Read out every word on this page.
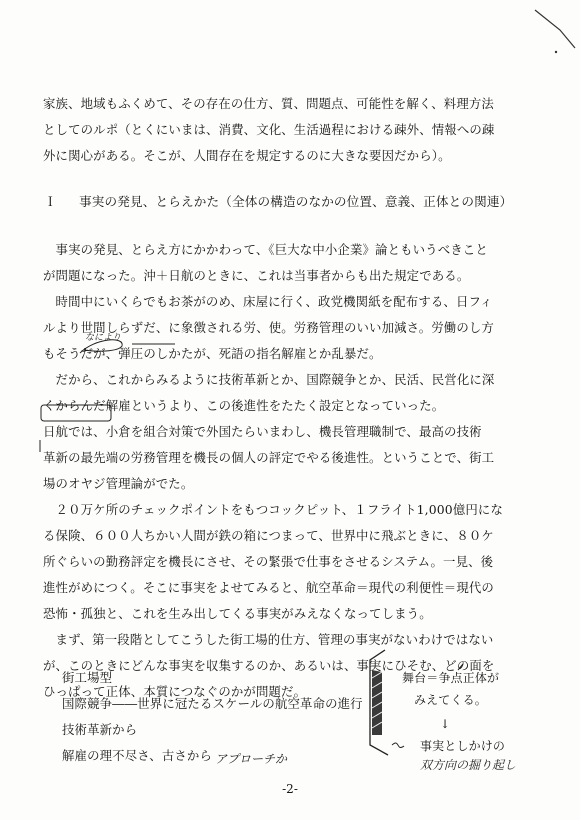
家族、地域もふくめて、その存在の仕方、質、問題点、可能性を解く、料理方法
としてのルポ（とくにいまは、消費、文化、生活過程における疎外、情報への疎
外に関心がある。そこが、人間存在を規定するのに大きな要因だから）。
Ｉ 事実の発見、とらえかた（全体の構造のなかの位置、意義、正体との関連）
　事実の発見、とらえ方にかかわって、《巨大な中小企業》論ともいうべきこと
が問題になった。沖＋日航のときに、これは当事者からも出た規定である。
　時間中にいくらでもお茶がのめ、床屋に行く、政党機関紙を配布する、日フィ
ルより世間しらずだ、に象徴される労、使。労務管理のいい加減さ。労働のし方
もそうだが、弾圧のしかたが、死語の指名解雇とか乱暴だ。
　だから、これからみるように技術革新とか、国際競争とか、民活、民営化に深
くからんだ解雇というより、この後進性をたたく設定となっていった。
日航では、小倉を組合対策で外国たらいまわし、機長管理職制で、最高の技術
革新の最先端の労務管理を機長の個人の評定でやる後進性。ということで、街工
場のオヤジ管理論がでた。
　２０万ケ所のチェックポイントをもつコックピット、１フライト1,000億円にな
る保険、６００人ちかい人間が鉄の箱につまって、世界中に飛ぶときに、８０ケ
所ぐらいの勤務評定を機長にさせ、その緊張で仕事をさせるシステム。一見、後
進性がめにつく。そこに事実をよせてみると、航空革命＝現代の利便性＝現代の
恐怖・孤独と、これを生み出してくる事実がみえなくなってしまう。
　まず、第一段階としてこうした街工場的仕方、管理の事実がないわけではない
が、このときにどんな事実を収集するのか、あるいは、事実にひそむ、どの面を
ひっぱって正体、本質につなぐのかが問題だ。
街工場型
国際競争――世界に冠たるスケールの航空革命の進行
技術革新から
解雇の理不尽さ、古さから アプローチか
なにより
舞台＝争点正体が
みえてくる。
↓
事実としかけの
双方向の掘り起し
-2-
